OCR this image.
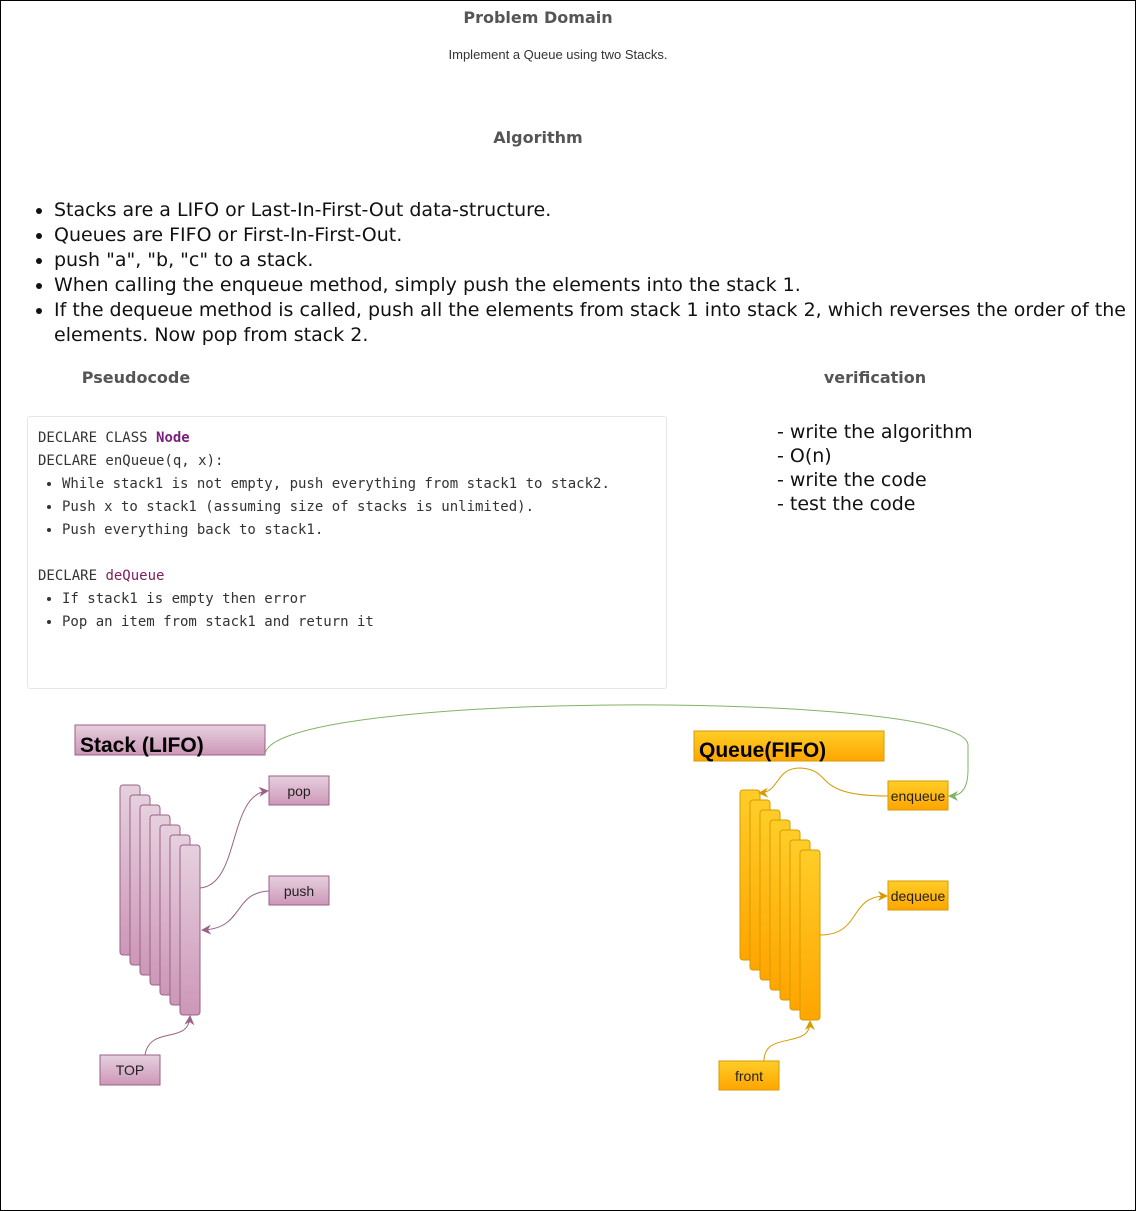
Problem Domain
Implement a Queue using two Stacks.
Algorithm
• Stacks are a LIFO or Last-In-First-Out data-structure.
• Queues are FIFO or First-In-First-Out.
• push "a", "b, "c" to a stack.
• When calling the enqueue method, simply push the elements into the stack 1.
• If the dequeue method is called, push all the elements from stack 1 into stack 2, which reverses the order of the elements. Now pop from stack 2.
Pseudocode	verification
DECLARE CLASS Node
DECLARE enQueue(q, x):
• While stack1 is not empty, push everything from stack1 to stack2.
• Push x to stack1 (assuming size of stacks is unlimited).
• Push everything back to stack1.
DECLARE deQueue
• If stack1 is empty then error
• Pop an item from stack1 and return it
- write the algorithm
- O(n)
- write the code
- test the code
Stack (LIFO)
pop
push
TOP
Queue(FIFO)
enqueue
dequeue
front
